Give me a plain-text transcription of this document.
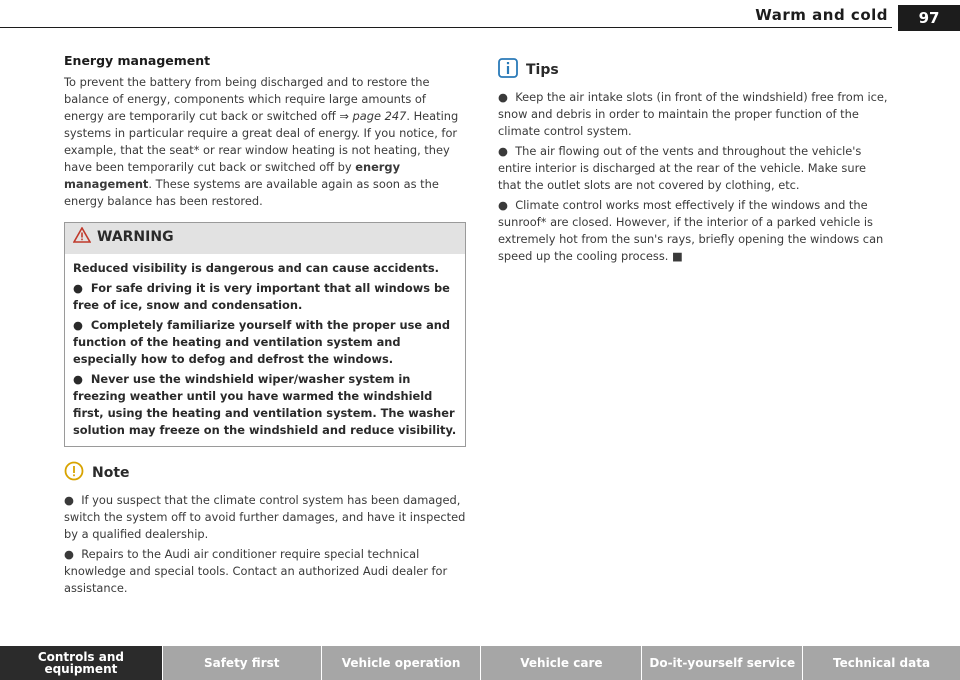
Warm and cold	97
Energy management

To prevent the battery from being discharged and to restore the balance of energy, components which require large amounts of energy are temporarily cut back or switched off ⇒ page 247. Heating systems in particular require a great deal of energy. If you notice, for example, that the seat* or rear window heating is not heating, they have been temporarily cut back or switched off by energy management. These systems are available again as soon as the energy balance has been restored.

WARNING

Reduced visibility is dangerous and can cause accidents.

●  For safe driving it is very important that all windows be free of ice, snow and condensation.

●  Completely familiarize yourself with the proper use and function of the heating and ventilation system and especially how to defog and defrost the windows.

●  Never use the windshield wiper/washer system in freezing weather until you have warmed the windshield first, using the heating and ventilation system. The washer solution may freeze on the windshield and reduce visibility.

Note

●  If you suspect that the climate control system has been damaged, switch the system off to avoid further damages, and have it inspected by a qualified dealership.

●  Repairs to the Audi air conditioner require special technical knowledge and special tools. Contact an authorized Audi dealer for assistance.

Tips

●  Keep the air intake slots (in front of the windshield) free from ice, snow and debris in order to maintain the proper function of the climate control system.

●  The air flowing out of the vents and throughout the vehicle's entire interior is discharged at the rear of the vehicle. Make sure that the outlet slots are not covered by clothing, etc.

●  Climate control works most effectively if the windows and the sunroof* are closed. However, if the interior of a parked vehicle is extremely hot from the sun's rays, briefly opening the windows can speed up the cooling process. ■

Controls and equipment	Safety first	Vehicle operation	Vehicle care	Do-it-yourself service	Technical data
